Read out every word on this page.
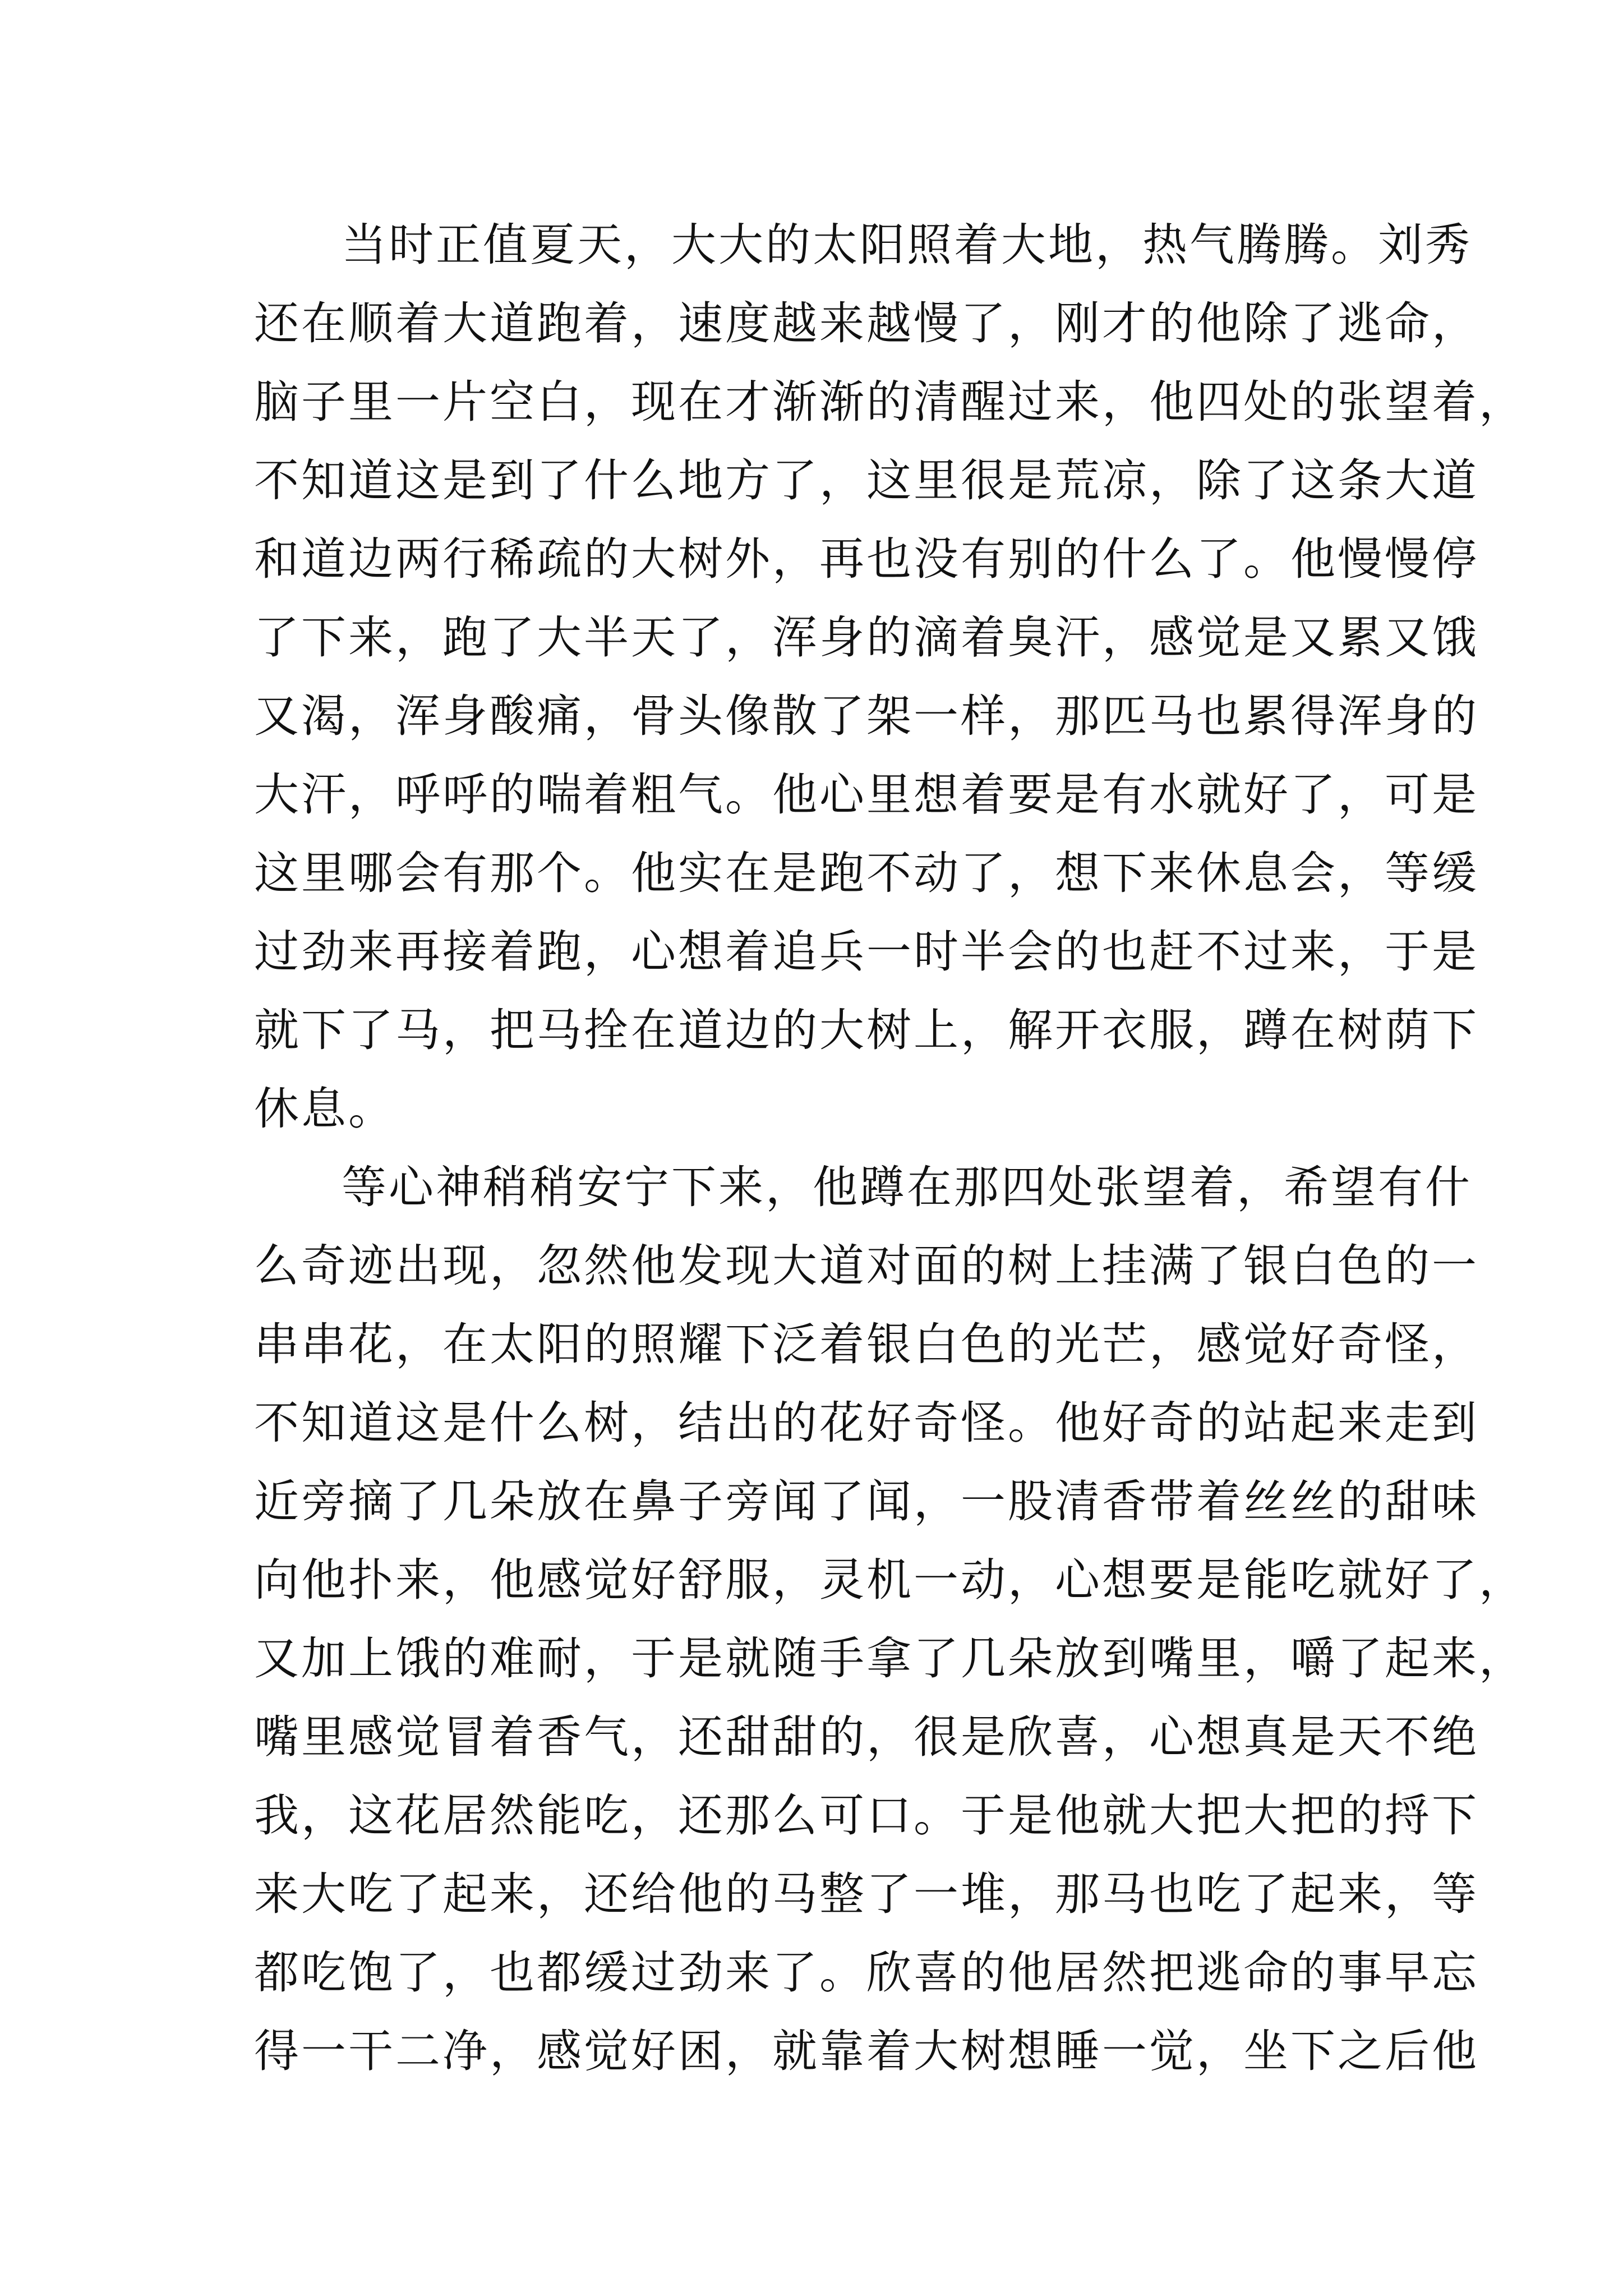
当时正值夏天，大大的太阳照着大地，热气腾腾。刘秀
还在顺着大道跑着，速度越来越慢了，刚才的他除了逃命，
脑子里一片空白，现在才渐渐的清醒过来，他四处的张望着，
不知道这是到了什么地方了，这里很是荒凉，除了这条大道
和道边两行稀疏的大树外，再也没有别的什么了。他慢慢停
了下来，跑了大半天了，浑身的滴着臭汗，感觉是又累又饿
又渴，浑身酸痛，骨头像散了架一样，那匹马也累得浑身的
大汗，呼呼的喘着粗气。他心里想着要是有水就好了，可是
这里哪会有那个。他实在是跑不动了，想下来休息会，等缓
过劲来再接着跑，心想着追兵一时半会的也赶不过来，于是
就下了马，把马拴在道边的大树上，解开衣服，蹲在树荫下
休息。
等心神稍稍安宁下来，他蹲在那四处张望着，希望有什
么奇迹出现，忽然他发现大道对面的树上挂满了银白色的一
串串花，在太阳的照耀下泛着银白色的光芒，感觉好奇怪，
不知道这是什么树，结出的花好奇怪。他好奇的站起来走到
近旁摘了几朵放在鼻子旁闻了闻，一股清香带着丝丝的甜味
向他扑来，他感觉好舒服，灵机一动，心想要是能吃就好了，
又加上饿的难耐，于是就随手拿了几朵放到嘴里，嚼了起来，
嘴里感觉冒着香气，还甜甜的，很是欣喜，心想真是天不绝
我，这花居然能吃，还那么可口。于是他就大把大把的捋下
来大吃了起来，还给他的马整了一堆，那马也吃了起来，等
都吃饱了，也都缓过劲来了。欣喜的他居然把逃命的事早忘
得一干二净，感觉好困，就靠着大树想睡一觉，坐下之后他
